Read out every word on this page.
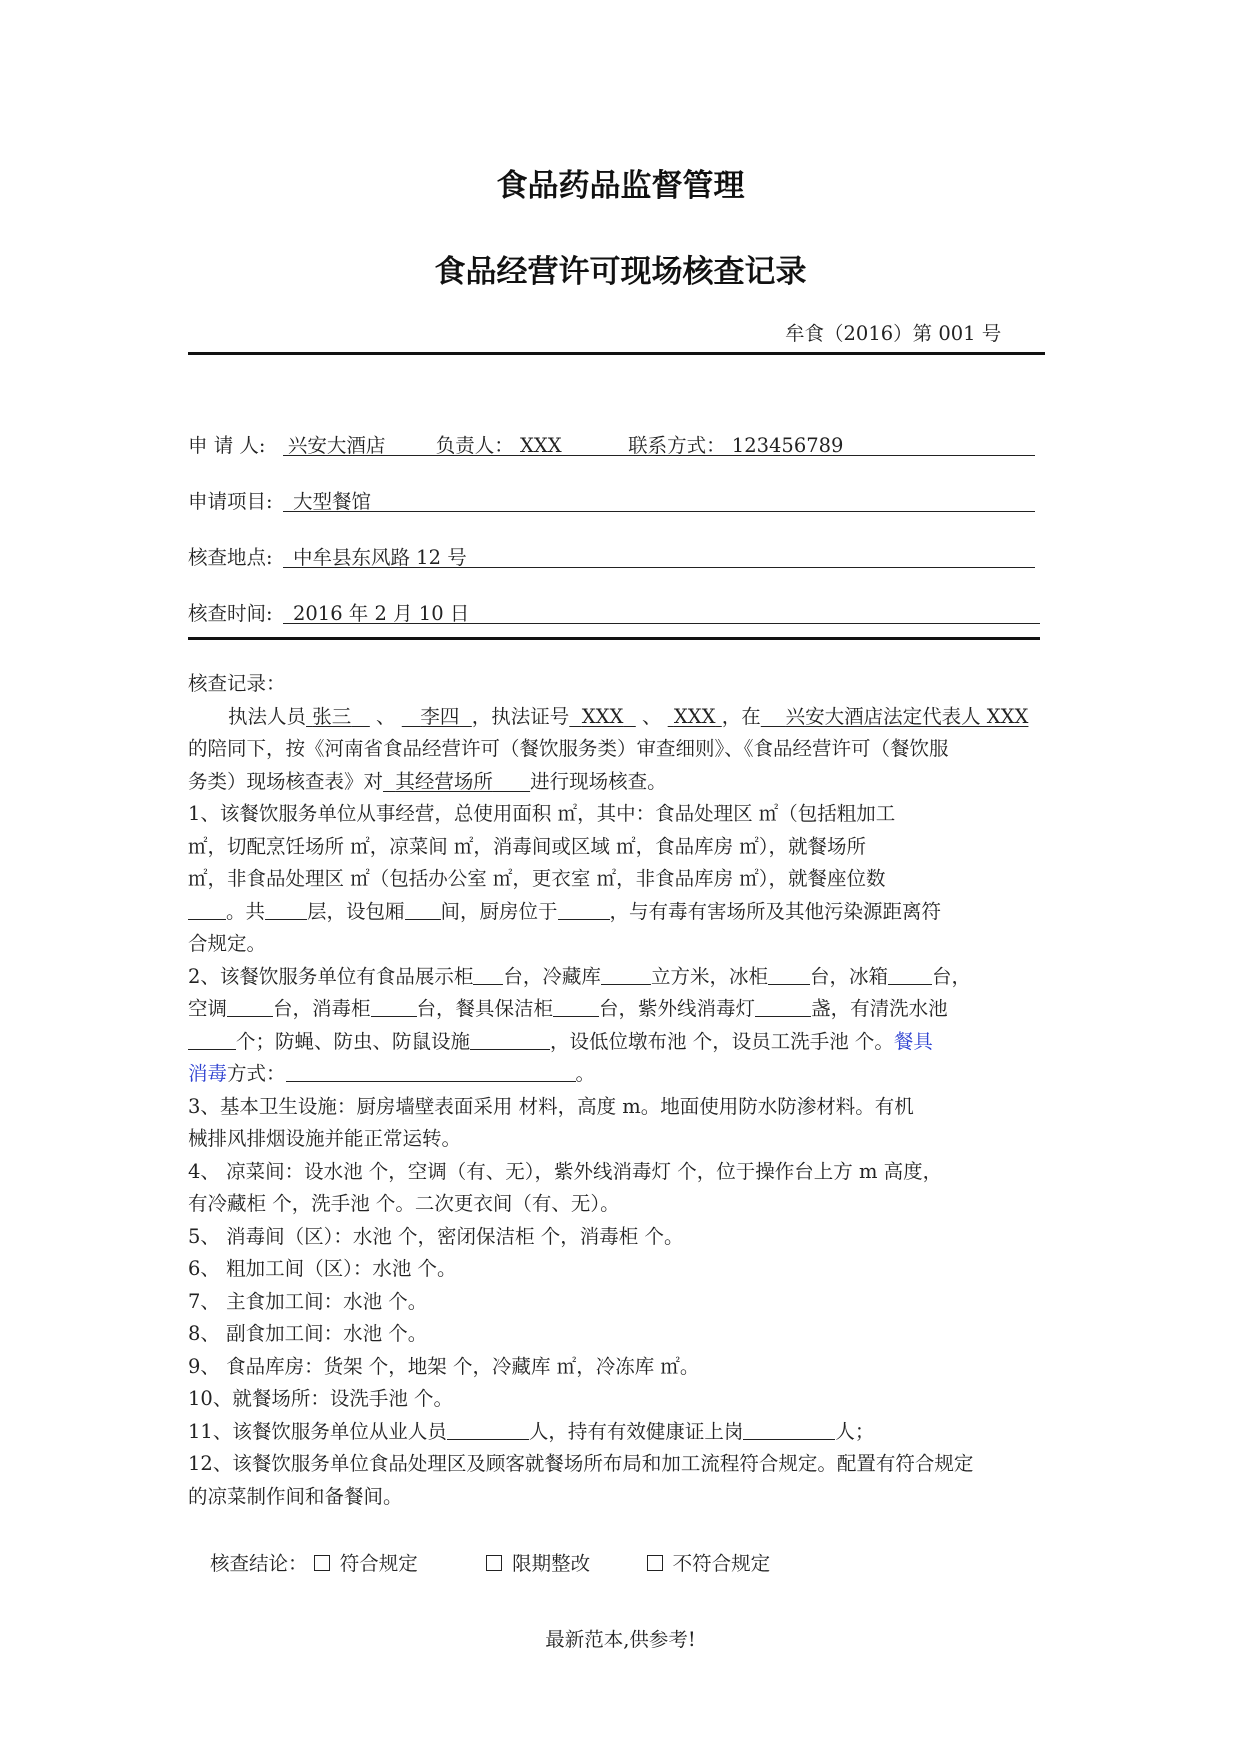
食品药品监督管理
食品经营许可现场核查记录
牟食（2016）第 001 号
申 请 人: 兴安大酒店	负责人： XXX	联系方式： 123456789
申请项目: 大型餐馆
核查地点: 中牟县东风路 12 号
核查时间: 2016 年 2 月 10 日
核查记录：
执法人员 张三 、 李四 ，执法证号 XXX 、 XXX ，在 兴安大酒店法定代表人 XXX
的陪同下，按《河南省食品经营许可（餐饮服务类）审查细则》、《食品经营许可（餐饮服
务类）现场核查表》对 其经营场所 进行现场核查。
1、该餐饮服务单位从事经营，总使用面积 ㎡，其中：食品处理区 ㎡（包括粗加工
㎡，切配烹饪场所 ㎡，凉菜间 ㎡，消毒间或区域 ㎡，食品库房 ㎡），就餐场所
㎡，非食品处理区 ㎡（包括办公室 ㎡，更衣室 ㎡，非食品库房 ㎡），就餐座位数
。共 层，设包厢 间，厨房位于	，与有毒有害场所及其他污染源距离符
合规定。
2、该餐饮服务单位有食品展示柜 台，冷藏库	立方米，冰柜 台，冰箱 台，
空调 台，消毒柜 台，餐具保洁柜 台，紫外线消毒灯	盏，有清洗水池
个；防蝇、防虫、防鼠设施	，设低位墩布池 个，设员工洗手池 个。餐具
消毒方式：	。
3、基本卫生设施：厨房墙壁表面采用 材料，高度 m。地面使用防水防渗材料。有机
械排风排烟设施并能正常运转。
4、 凉菜间：设水池 个，空调（有、无），紫外线消毒灯 个，位于操作台上方 m 高度，
有冷藏柜 个，洗手池 个。二次更衣间（有、无）。
5、 消毒间（区）：水池 个，密闭保洁柜 个，消毒柜 个。
6、 粗加工间（区）：水池 个。
7、 主食加工间：水池 个。
8、 副食加工间：水池 个。
9、 食品库房：货架 个，地架 个，冷藏库 ㎡，冷冻库 ㎡。
10、就餐场所：设洗手池 个。
11、该餐饮服务单位从业人员	人，持有有效健康证上岗	人；
12、该餐饮服务单位食品处理区及顾客就餐场所布局和加工流程符合规定。配置有符合规定
的凉菜制作间和备餐间。
核查结论： 符合规定	限期整改	不符合规定
最新范本,供参考!
